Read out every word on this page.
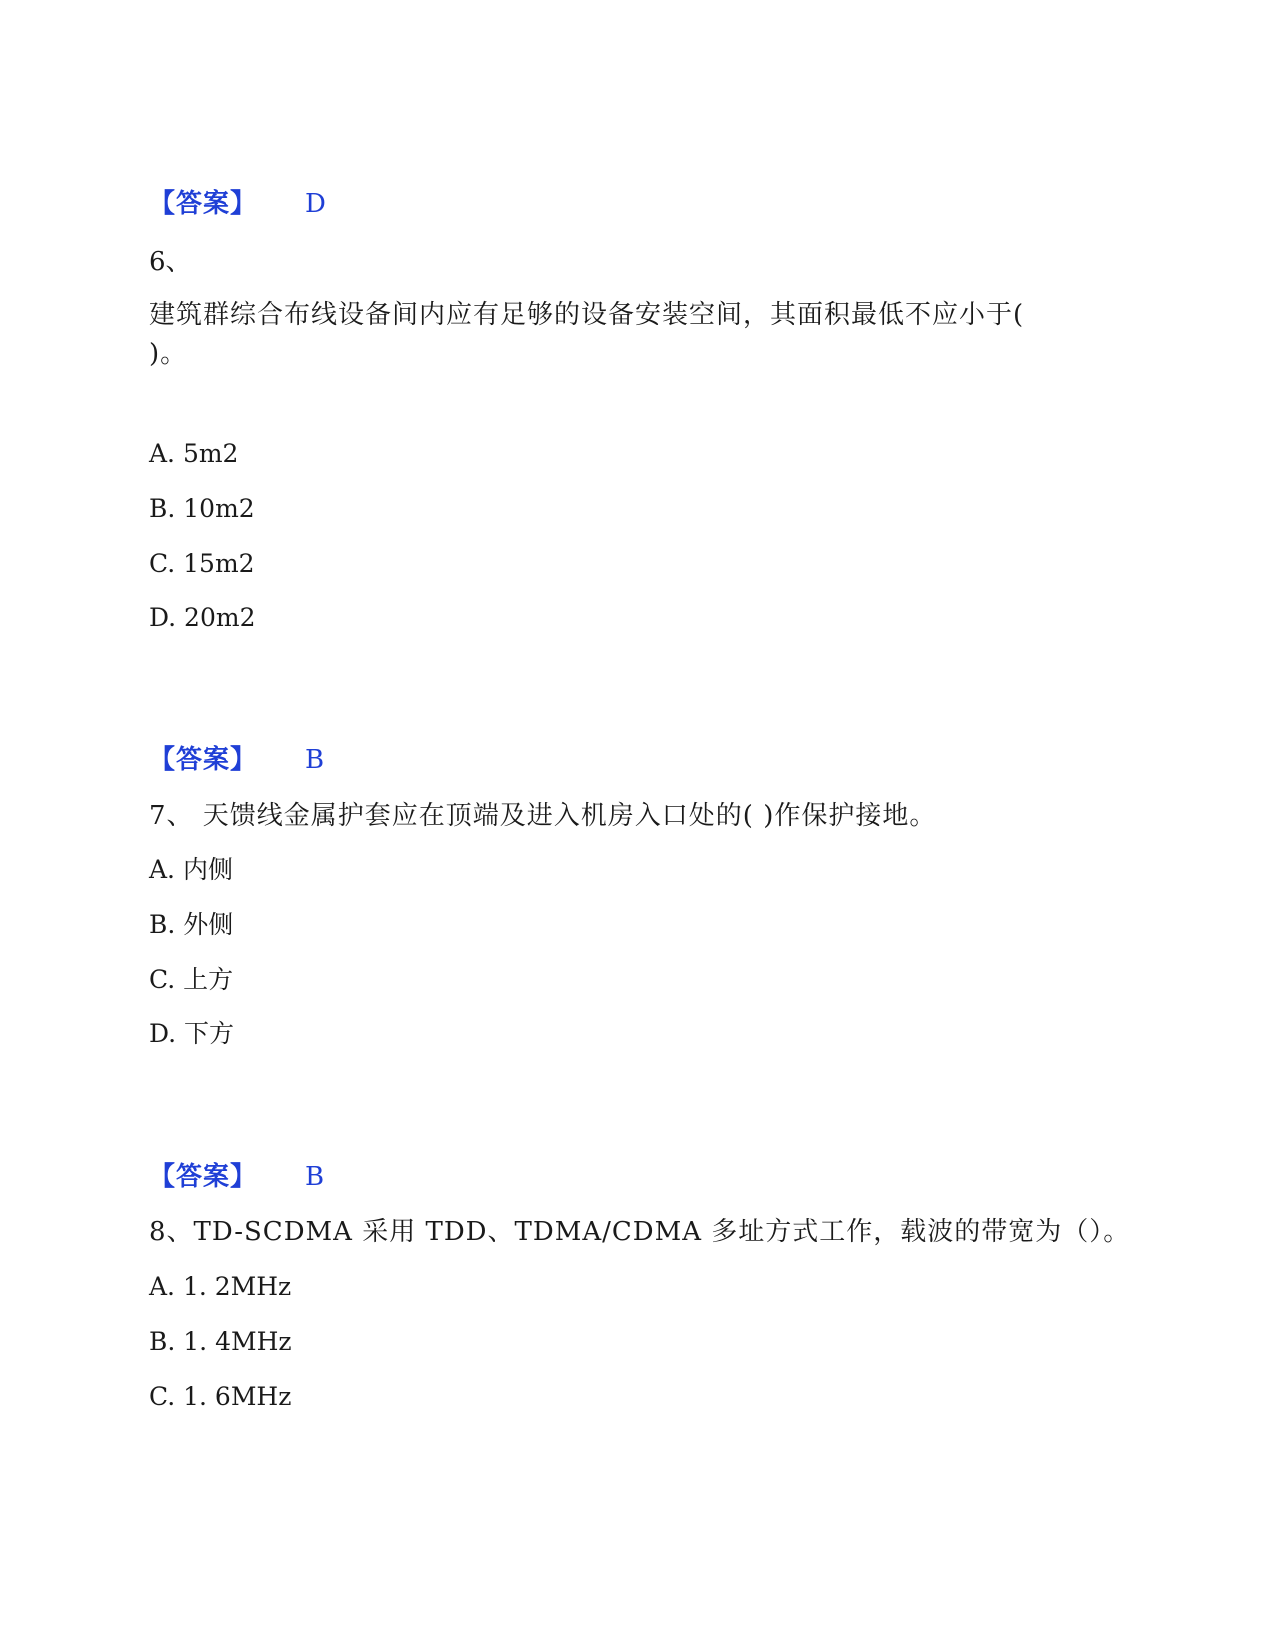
【答案】 D
6、
建筑群综合布线设备间内应有足够的设备安装空间，其面积最低不应小于(
)。
A. 5m2
B. 10m2
C. 15m2
D. 20m2
【答案】 B
7、 天馈线金属护套应在顶端及进入机房入口处的( )作保护接地。
A. 内侧
B. 外侧
C. 上方
D. 下方
【答案】 B
8、TD-SCDMA 采用 TDD、TDMA/CDMA 多址方式工作，载波的带宽为（）。
A. 1. 2MHz
B. 1. 4MHz
C. 1. 6MHz
